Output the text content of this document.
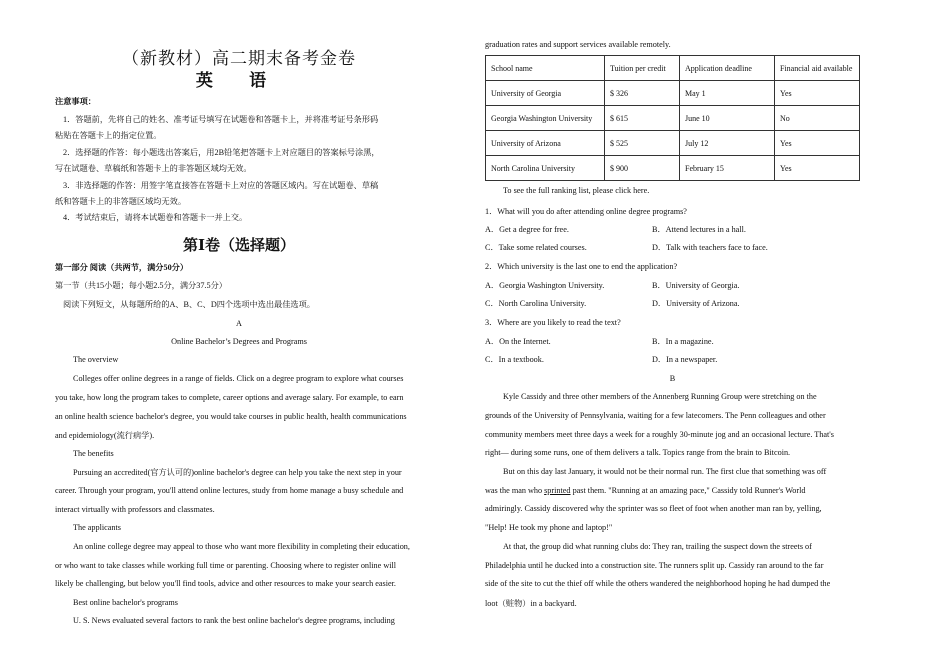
（新教材）高二期末备考金卷
英 语
注意事项：
1．答题前，先将自己的姓名、准考证号填写在试题卷和答题卡上，并将准考证号条形码
粘贴在答题卡上的指定位置。
2．选择题的作答：每小题选出答案后，用2B铅笔把答题卡上对应题目的答案标号涂黑，
写在试题卷、草稿纸和答题卡上的非答题区域均无效。
3．非选择题的作答：用签字笔直接答在答题卡上对应的答题区域内。写在试题卷、草稿
纸和答题卡上的非答题区域均无效。
4．考试结束后，请将本试题卷和答题卡一并上交。
第Ⅰ卷（选择题）
第一部分 阅读（共两节，满分50分）
第一节（共15小题；每小题2.5分，满分37.5分）
阅读下列短文，从每题所给的A、B、C、D四个选项中选出最佳选项。
A
Online Bachelor’s Degrees and Programs
The overview
Colleges offer online degrees in a range of fields. Click on a degree program to explore what courses
you take, how long the program takes to complete, career options and average salary. For example, to earn
an online health science bachelor's degree, you would take courses in public health, health communications
and epidemiology(流行病学).
The benefits
Pursuing an accredited(官方认可的)online bachelor's degree can help you take the next step in your
career. Through your program, you'll attend online lectures, study from home manage a busy schedule and
interact virtually with professors and classmates.
The applicants
An online college degree may appeal to those who want more flexibility in completing their education,
or who want to take classes while working full time or parenting. Choosing where to register online will
likely be challenging, but below you'll find tools, advice and other resources to make your search easier.
Best online bachelor's programs
U. S. News evaluated several factors to rank the best online bachelor's degree programs, including
graduation rates and support services available remotely.
School name	Tuition per credit	Application deadline	Financial aid available
University of Georgia	$ 326	May 1	Yes
Georgia Washington University	$ 615	June 10	No
University of Arizona	$ 525	July 12	Yes
North Carolina University	$ 900	February 15	Yes
To see the full ranking list, please click here.
1．What will you do after attending online degree programs?
A．Get a degree for free.	B．Attend lectures in a hall.
C．Take some related courses.	D．Talk with teachers face to face.
2．Which university is the last one to end the application?
A．Georgia Washington University.	B．University of Georgia.
C．North Carolina University.	D．University of Arizona.
3．Where are you likely to read the text?
A．On the Internet.	B．In a magazine.
C．In a textbook.	D．In a newspaper.
B
Kyle Cassidy and three other members of the Annenberg Running Group were stretching on the
grounds of the University of Pennsylvania, waiting for a few latecomers. The Penn colleagues and other
community members meet three days a week for a roughly 30-minute jog and an occasional lecture. That's
right— during some runs, one of them delivers a talk. Topics range from the brain to Bitcoin.
But on this day last January, it would not be their normal run. The first clue that something was off
was the man who sprinted past them. "Running at an amazing pace," Cassidy told Runner's World
admiringly. Cassidy discovered why the sprinter was so fleet of foot when another man ran by, yelling,
"Help! He took my phone and laptop!"
At that, the group did what running clubs do: They ran, trailing the suspect down the streets of
Philadelphia until he ducked into a construction site. The runners split up. Cassidy ran around to the far
side of the site to cut the thief off while the others wandered the neighborhood hoping he had dumped the
loot（赃物）in a backyard.
